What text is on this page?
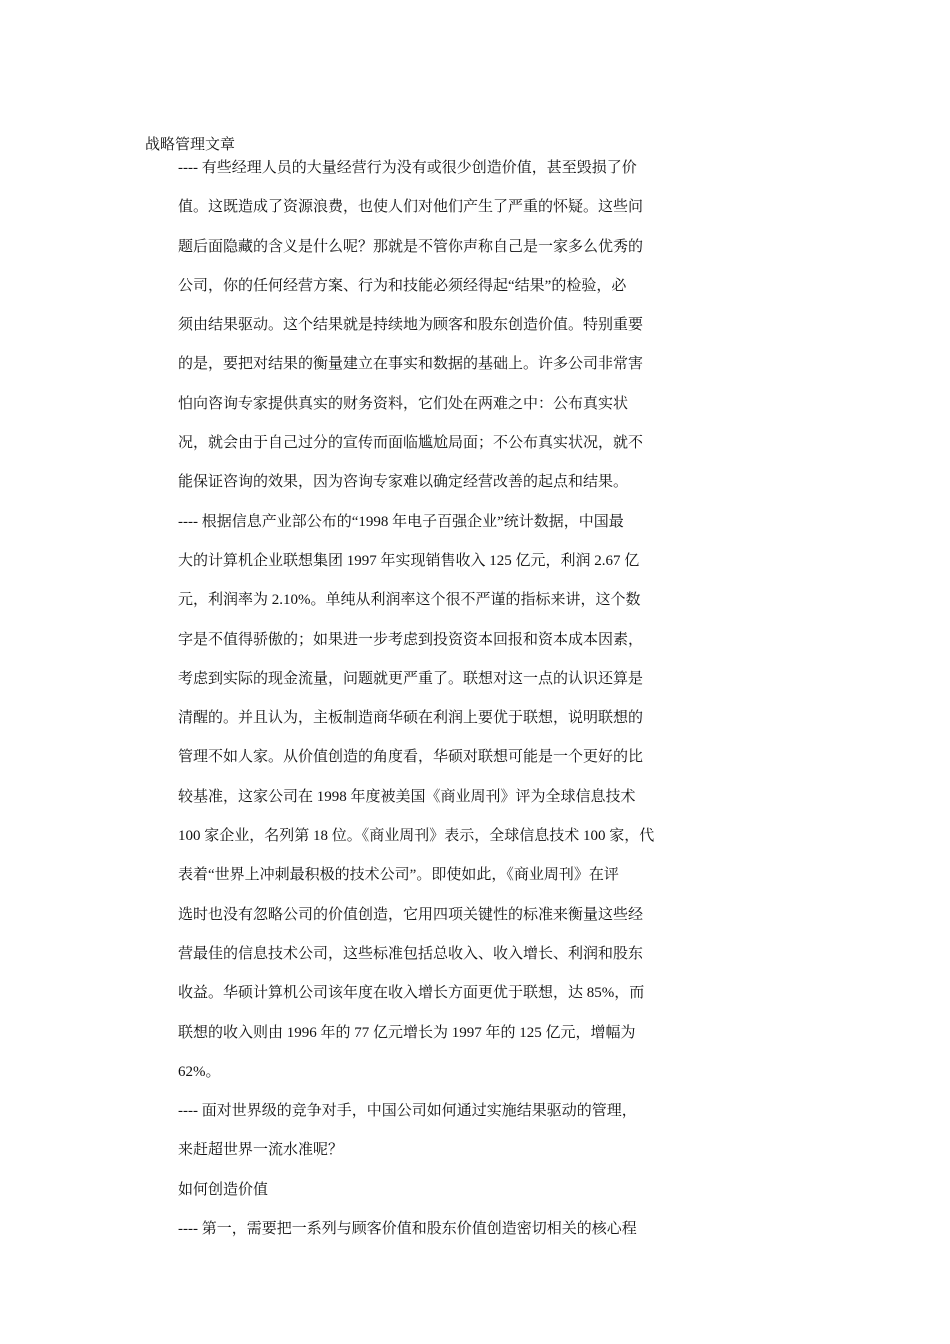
战略管理文章
---- 有些经理人员的大量经营行为没有或很少创造价值，甚至毁损了价
值。这既造成了资源浪费，也使人们对他们产生了严重的怀疑。这些问
题后面隐藏的含义是什么呢？那就是不管你声称自己是一家多么优秀的
公司，你的任何经营方案、行为和技能必须经得起“结果”的检验，必
须由结果驱动。这个结果就是持续地为顾客和股东创造价值。特别重要
的是，要把对结果的衡量建立在事实和数据的基础上。许多公司非常害
怕向咨询专家提供真实的财务资料，它们处在两难之中：公布真实状
况，就会由于自己过分的宣传而面临尴尬局面；不公布真实状况，就不
能保证咨询的效果，因为咨询专家难以确定经营改善的起点和结果。
---- 根据信息产业部公布的“1998 年电子百强企业”统计数据，中国最
大的计算机企业联想集团 1997 年实现销售收入 125 亿元，利润 2.67 亿
元，利润率为 2.10%。单纯从利润率这个很不严谨的指标来讲，这个数
字是不值得骄傲的；如果进一步考虑到投资资本回报和资本成本因素，
考虑到实际的现金流量，问题就更严重了。联想对这一点的认识还算是
清醒的。并且认为，主板制造商华硕在利润上要优于联想，说明联想的
管理不如人家。从价值创造的角度看，华硕对联想可能是一个更好的比
较基准，这家公司在 1998 年度被美国《商业周刊》评为全球信息技术
100 家企业，名列第 18 位。《商业周刊》表示，全球信息技术 100 家，代
表着“世界上冲刺最积极的技术公司”。即使如此，《商业周刊》在评
选时也没有忽略公司的价值创造，它用四项关键性的标准来衡量这些经
营最佳的信息技术公司，这些标准包括总收入、收入增长、利润和股东
收益。华硕计算机公司该年度在收入增长方面更优于联想，达 85%，而
联想的收入则由 1996 年的 77 亿元增长为 1997 年的 125 亿元，增幅为
62%。
---- 面对世界级的竞争对手，中国公司如何通过实施结果驱动的管理，
来赶超世界一流水准呢？
如何创造价值
---- 第一，需要把一系列与顾客价值和股东价值创造密切相关的核心程
